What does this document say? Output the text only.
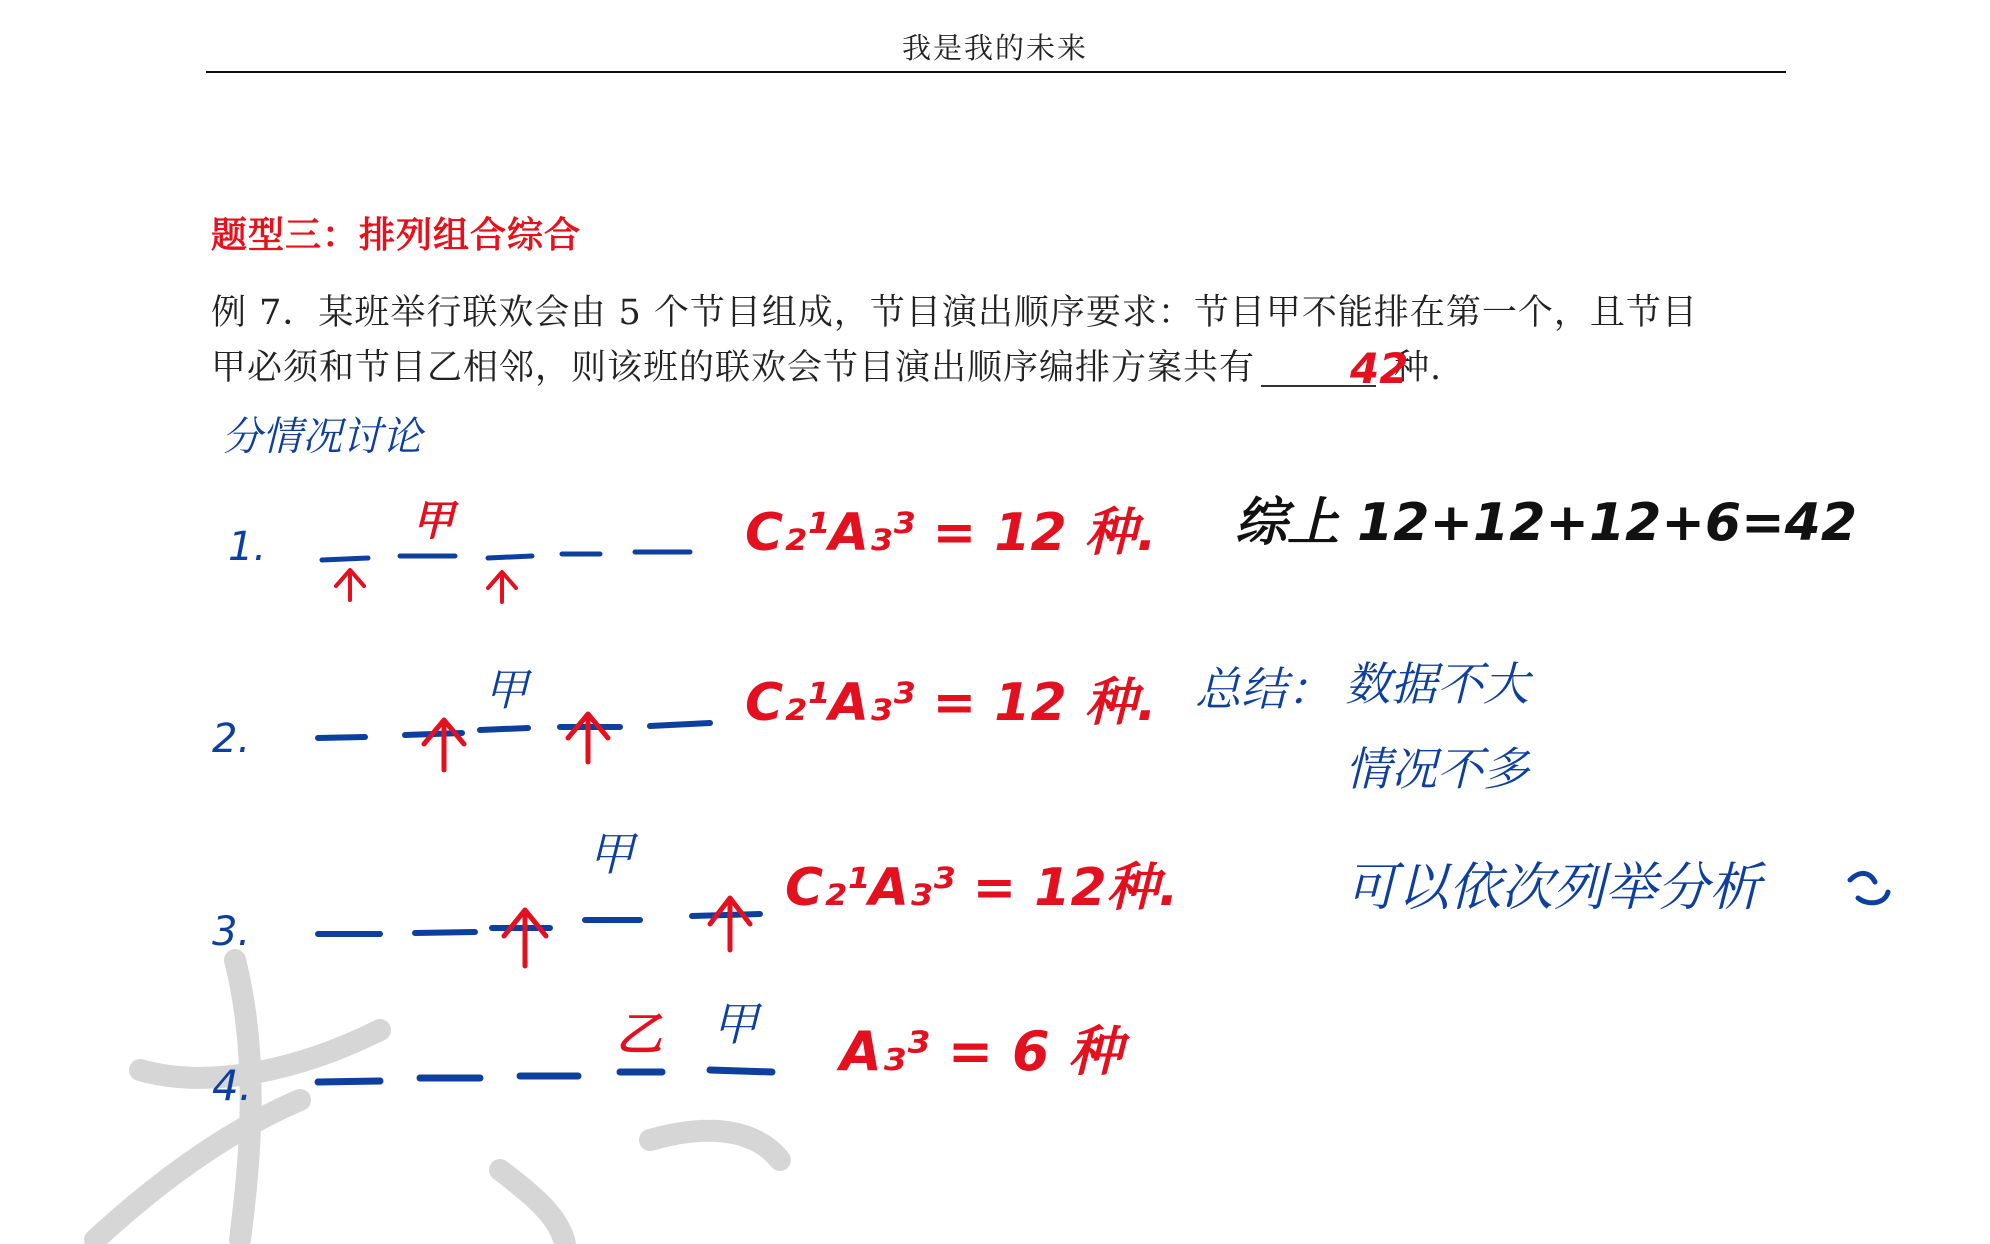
我是我的未来
题型三：排列组合综合
例 7．某班举行联欢会由 5 个节目组成，节目演出顺序要求：节目甲不能排在第一个，且节目
甲必须和节目乙相邻，则该班的联欢会节目演出顺序编排方案共有	种.
42
分情况讨论
1.
甲	C₂¹A₃³ = 12 种.
2.
甲	C₂¹A₃³ = 12 种.
3.
甲
C₂¹A₃³ = 12种.
4.
乙 甲 A₃³ = 6 种
综上 12+12+12+6=42
总结： 数据不大
情况不多
可以依次列举分析
